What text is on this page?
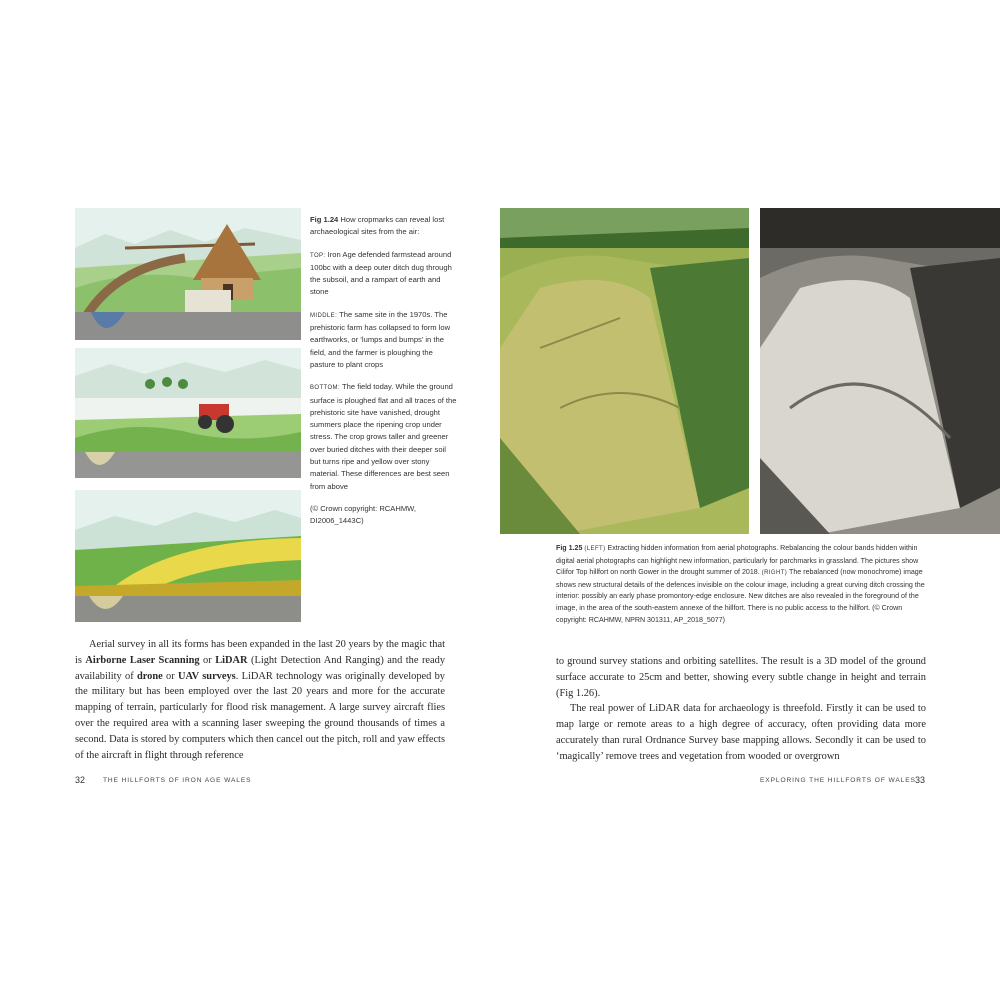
Fig 1.24 How cropmarks can reveal lost archaeological sites from the air:

TOP: Iron Age defended farmstead around 100bc with a deep outer ditch dug through the subsoil, and a rampart of earth and stone

MIDDLE: The same site in the 1970s. The prehistoric farm has collapsed to form low earthworks, or ‘lumps and bumps’ in the field, and the farmer is ploughing the pasture to plant crops

BOTTOM: The field today. While the ground surface is ploughed flat and all traces of the prehistoric site have vanished, drought summers place the ripening crop under stress. The crop grows taller and greener over buried ditches with their deeper soil but turns ripe and yellow over stony material. These differences are best seen from above

(© Crown copyright: RCAHMW, DI2006_1443C)

Aerial survey in all its forms has been expanded in the last 20 years by the magic that is Airborne Laser Scanning or LiDAR (Light Detection And Ranging) and the ready availability of drone or UAV surveys. LiDAR technology was originally developed by the military but has been employed over the last 20 years and more for the accurate mapping of terrain, particularly for flood risk management. A large survey aircraft flies over the required area with a scanning laser sweeping the ground thousands of times a second. Data is stored by computers which then cancel out the pitch, roll and yaw effects of the aircraft in flight through reference

32	THE HILLFORTS OF IRON AGE WALES
Fig 1.25 (LEFT) Extracting hidden information from aerial photographs. Rebalancing the colour bands hidden within digital aerial photographs can highlight new information, particularly for parchmarks in grassland. The pictures show Cilifor Top hillfort on north Gower in the drought summer of 2018. (RIGHT) The rebalanced (now monochrome) image shows new structural details of the defences invisible on the colour image, including a great curving ditch crossing the interior: possibly an early phase promontory-edge enclosure. New ditches are also revealed in the foreground of the image, in the area of the south-eastern annexe of the hillfort. There is no public access to the hillfort. (© Crown copyright: RCAHMW, NPRN 301311, AP_2018_5077)

to ground survey stations and orbiting satellites. The result is a 3D model of the ground surface accurate to 25cm and better, showing every subtle change in height and terrain (Fig 1.26).

The real power of LiDAR data for archaeology is threefold. Firstly it can be used to map large or remote areas to a high degree of accuracy, often providing data more accurately than rural Ordnance Survey base mapping allows. Secondly it can be used to ‘magically’ remove trees and vegetation from wooded or overgrown

EXPLORING THE HILLFORTS OF WALES 33
